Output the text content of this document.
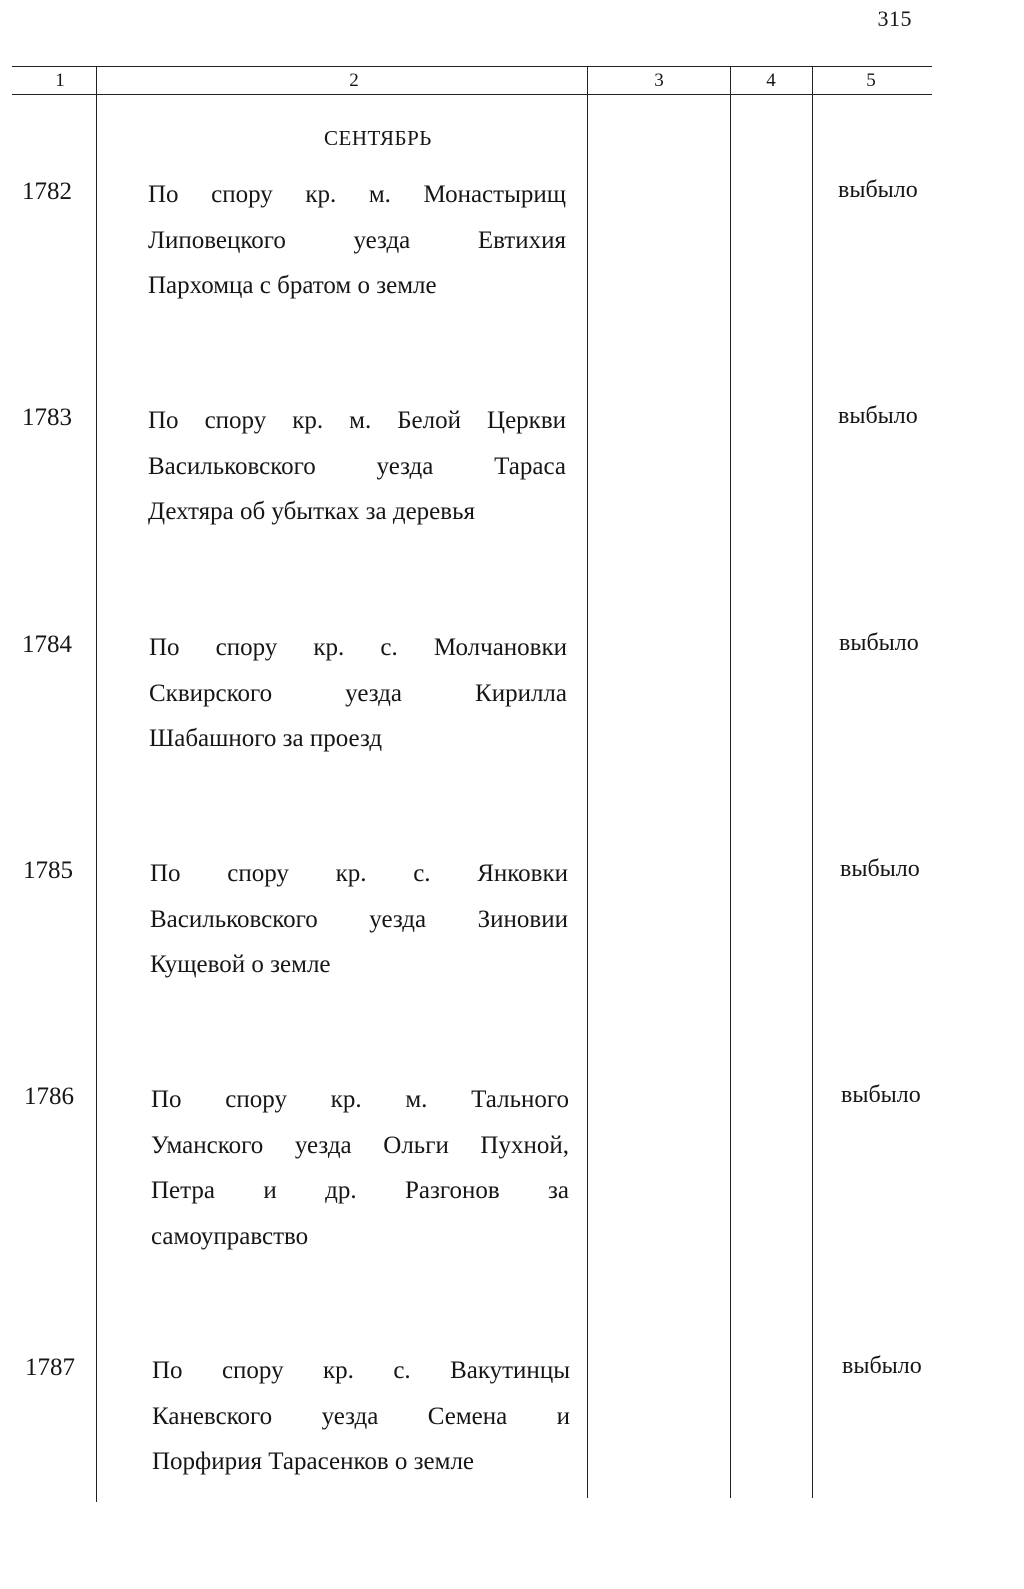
315
1	2	3	4	5
СЕНТЯБРЬ
1782	По спору кр. м. Монастырищ
Липовецкого уезда Евтихия
Пархомца с братом о земле
выбыло
1783	По спору кр. м. Белой Церкви
Васильковского уезда Тараса
Дехтяра об убытках за деревья
выбыло
1784	По спору кр. с. Молчановки
Сквирского уезда Кирилла
Шабашного за проезд
выбыло
1785	По спору кр. с. Янковки
Васильковского уезда Зиновии
Кущевой о земле
выбыло
1786	По спору кр. м. Тального
Уманского уезда Ольги Пухной,
Петра и др. Разгонов за
самоуправство
выбыло
1787	По спору кр. с. Вакутинцы
Каневского уезда Семена и
Порфирия Тарасенков о земле
выбыло
